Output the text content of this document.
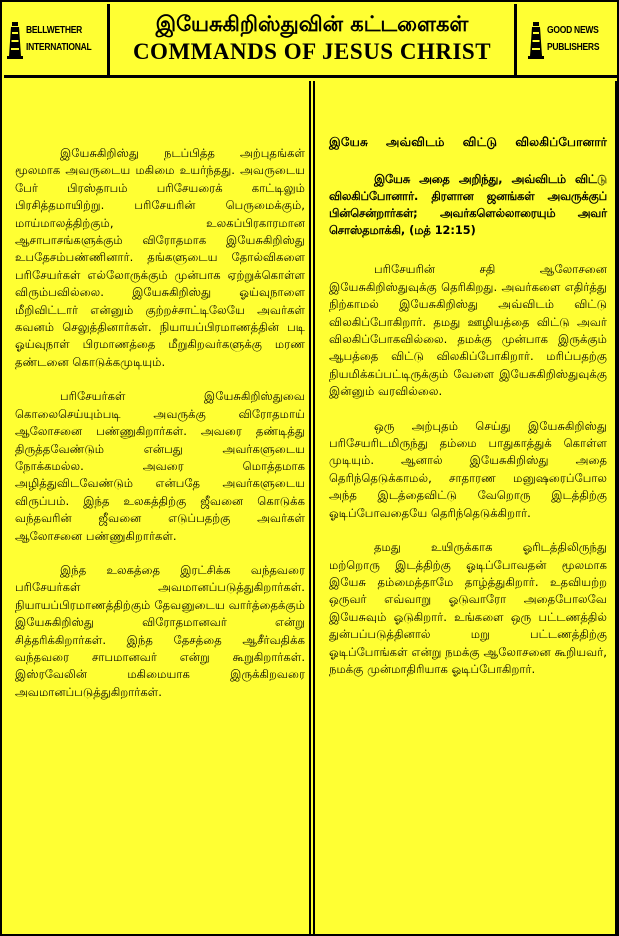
BELLWETHER
INTERNATIONAL
இயேசுகிறிஸ்துவின் கட்டளைகள்
COMMANDS OF JESUS CHRIST
GOOD NEWS
PUBLISHERS

இயேசுகிறிஸ்து நடப்பித்த அற்புதங்கள் மூலமாக அவருடைய மகிமை உயர்ந்தது. அவருடைய பேர் பிரஸ்தாபம் பரிசேயரைக் காட்டிலும் பிரசித்தமாயிற்று. பரிசேயரின் பெருமைக்கும், மாய்மாலத்திற்கும், உலகப்பிரகாரமான ஆசாபாசங்களுக்கும் விரோதமாக இயேசுகிறிஸ்து உபதேசம்பண்ணினார். தங்களுடைய தோல்விகளை பரிசேயர்கள் எல்லோருக்கும் முன்பாக ஏற்றுக்கொள்ள விரும்பவில்லை. இயேசுகிறிஸ்து ஓய்வுநாளை மீறிவிட்டார் என்னும் குற்றச்சாட்டிலேயே அவர்கள் கவனம் செலுத்தினார்கள். நியாயப்பிரமாணத்தின் படி ஓய்வுநாள் பிரமாணத்தை மீறுகிறவர்களுக்கு மரண தண்டனை கொடுக்கமுடியும்.

பரிசேயர்கள் இயேசுகிறிஸ்துவை கொலைசெய்யும்படி அவருக்கு விரோதமாய் ஆலோசனை பண்ணுகிறார்கள். அவரை தண்டித்து திருத்தவேண்டும் என்பது அவர்களுடைய நோக்கமல்ல. அவரை மொத்தமாக அழித்துவிடவேண்டும் என்பதே அவர்களுடைய விருப்பம். இந்த உலகத்திற்கு ஜீவனை கொடுக்க வந்தவரின் ஜீவனை எடுப்பதற்கு அவர்கள் ஆலோசனை பண்ணுகிறார்கள்.

இந்த உலகத்தை இரட்சிக்க வந்தவரை பரிசேயர்கள் அவமானப்படுத்துகிறார்கள். நியாயப்பிரமாணத்திற்கும் தேவனுடைய வார்த்தைக்கும் இயேசுகிறிஸ்து விரோதமானவர் என்று சித்தரிக்கிறார்கள். இந்த தேசத்தை ஆசீர்வதிக்க வந்தவரை சாபமானவர் என்று கூறுகிறார்கள். இஸ்ரவேலின் மகிமையாக இருக்கிறவரை அவமானப்படுத்துகிறார்கள்.

இயேசு அவ்விடம் விட்டு விலகிப்போனார்

இயேசு அதை அறிந்து, அவ்விடம் விட்டு விலகிப்போனார். திரளான ஜனங்கள் அவருக்குப் பின்சென்றார்கள்; அவர்களெல்லாரையும் அவர் சொஸ்தமாக்கி, (மத் 12:15)

பரிசேயரின் சதி ஆலோசனை இயேசுகிறிஸ்துவுக்கு தெரிகிறது. அவர்களை எதிர்த்து நிற்காமல் இயேசுகிறிஸ்து அவ்விடம் விட்டு விலகிப்போகிறார். தமது ஊழியத்தை விட்டு அவர் விலகிப்போகவில்லை. தமக்கு முன்பாக இருக்கும் ஆபத்தை விட்டு விலகிப்போகிறார். மரிப்பதற்கு நியமிக்கப்பட்டிருக்கும் வேளை இயேசுகிறிஸ்துவுக்கு இன்னும் வரவில்லை.

ஒரு அற்புதம் செய்து இயேசுகிறிஸ்து பரிசேயரிடமிருந்து தம்மை பாதுகாத்துக் கொள்ள முடியும். ஆனால் இயேசுகிறிஸ்து அதை தெரிந்தெடுக்காமல், சாதாரண மனுஷரைப்போல அந்த இடத்தைவிட்டு வேறொரு இடத்திற்கு ஓடிப்போவதையே தெரிந்தெடுக்கிறார்.

தமது உயிருக்காக ஓரிடத்திலிருந்து மற்றொரு இடத்திற்கு ஓடிப்போவதன் மூலமாக இயேசு தம்மைத்தாமே தாழ்த்துகிறார். உதவியற்ற ஒருவர் எவ்வாறு ஓடுவாரோ அதைபோலவே இயேசுவும் ஓடுகிறார். உங்களை ஒரு பட்டணத்தில் துன்பப்படுத்தினால் மறு பட்டணத்திற்கு ஓடிப்போங்கள் என்று நமக்கு ஆலோசனை கூறியவர், நமக்கு முன்மாதிரியாக ஓடிப்போகிறார்.
